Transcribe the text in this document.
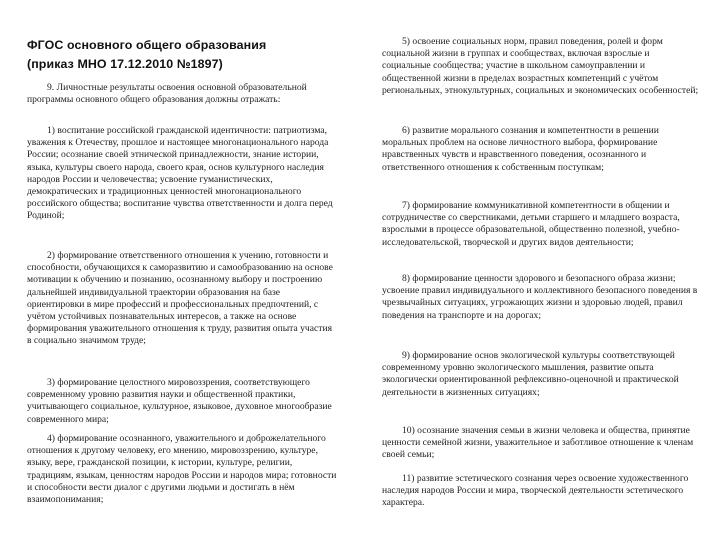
ФГОС основного общего образования
(приказ МНО 17.12.2010 №1897)
9. Личностные результаты освоения основной образовательной программы основного общего образования должны отражать:
1) воспитание российской гражданской идентичности: патриотизма, уважения к Отечеству, прошлое и настоящее многонационального народа России; осознание своей этнической принадлежности, знание истории, языка, культуры своего народа, своего края, основ культурного наследия народов России и человечества; усвоение гуманистических, демократических и традиционных ценностей многонационального российского общества; воспитание чувства ответственности и долга перед Родиной;
2) формирование ответственного отношения к учению, готовности и способности, обучающихся к саморазвитию и самообразованию на основе мотивации к обучению и познанию, осознанному выбору и построению дальнейшей индивидуальной траектории образования на базе ориентировки в мире профессий и профессиональных предпочтений, с учётом устойчивых познавательных интересов, а также на основе формирования уважительного отношения к труду, развития опыта участия в социально значимом труде;
3) формирование целостного мировоззрения, соответствующего современному уровню развития науки и общественной практики, учитывающего социальное, культурное, языковое, духовное многообразие современного мира;
4) формирование осознанного, уважительного и доброжелательного отношения к другому человеку, его мнению, мировоззрению, культуре, языку, вере, гражданской позиции, к истории, культуре, религии, традициям, языкам, ценностям народов России и народов мира; готовности и способности вести диалог с другими людьми и достигать в нём взаимопонимания;
5) освоение социальных норм, правил поведения, ролей и форм социальной жизни в группах и сообществах, включая взрослые и социальные сообщества; участие в школьном самоуправлении и общественной жизни в пределах возрастных компетенций с учётом региональных, этнокультурных, социальных и экономических особенностей;
6) развитие морального сознания и компетентности в решении моральных проблем на основе личностного выбора, формирование нравственных чувств и нравственного поведения, осознанного и ответственного отношения к собственным поступкам;
7) формирование коммуникативной компетентности в общении и сотрудничестве со сверстниками, детьми старшего и младшего возраста, взрослыми в процессе образовательной, общественно полезной, учебно-исследовательской, творческой и других видов деятельности;
8) формирование ценности здорового и безопасного образа жизни; усвоение правил индивидуального и коллективного безопасного поведения в чрезвычайных ситуациях, угрожающих жизни и здоровью людей, правил поведения на транспорте и на дорогах;
9) формирование основ экологической культуры соответствующей современному уровню экологического мышления, развитие опыта экологически ориентированной рефлексивно-оценочной и практической деятельности в жизненных ситуациях;
10) осознание значения семьи в жизни человека и общества, принятие ценности семейной жизни, уважительное и заботливое отношение к членам своей семьи;
11) развитие эстетического сознания через освоение художественного наследия народов России и мира, творческой деятельности эстетического характера.
